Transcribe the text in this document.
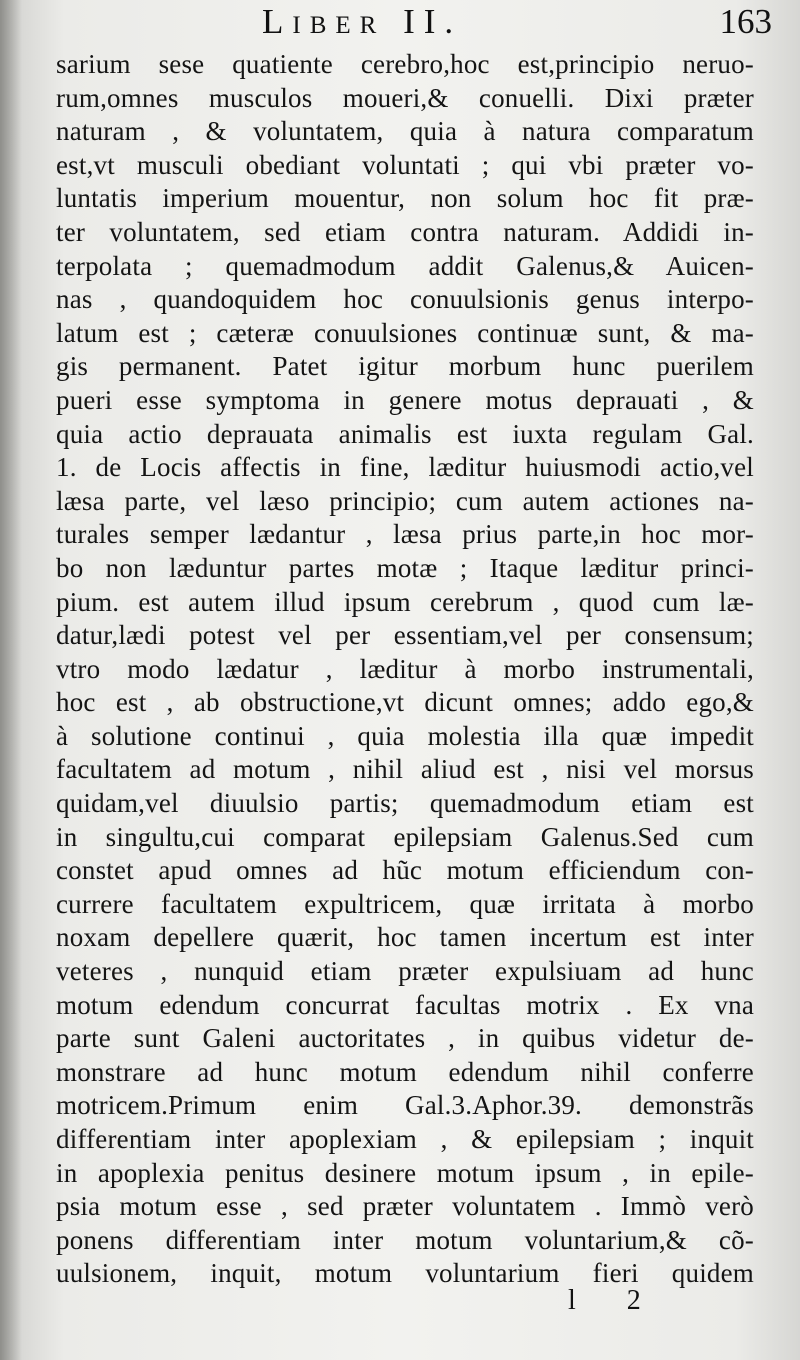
Liber II.	163
sarium sese quatiente cerebro,hoc est,principio neruo-
rum,omnes musculos moueri,& conuelli. Dixi præter
naturam , & voluntatem, quia à natura comparatum
est,vt musculi obediant voluntati ; qui vbi præter vo-
luntatis imperium mouentur, non solum hoc fit præ-
ter voluntatem, sed etiam contra naturam. Addidi in-
terpolata ; quemadmodum addit Galenus,& Auicen-
nas , quandoquidem hoc conuulsionis genus interpo-
latum est ; cæteræ conuulsiones continuæ sunt, & ma-
gis permanent. Patet igitur morbum hunc puerilem
pueri esse symptoma in genere motus deprauati , &
quia actio deprauata animalis est iuxta regulam Gal.
1. de Locis affectis in fine, læditur huiusmodi actio,vel
læsa parte, vel læso principio; cum autem actiones na-
turales semper lædantur , læsa prius parte,in hoc mor-
bo non læduntur partes motæ ; Itaque læditur princi-
pium. est autem illud ipsum cerebrum , quod cum læ-
datur,lædi potest vel per essentiam,vel per consensum;
vtro modo lædatur , læditur à morbo instrumentali,
hoc est , ab obstructione,vt dicunt omnes; addo ego,&
à solutione continui , quia molestia illa quæ impedit
facultatem ad motum , nihil aliud est , nisi vel morsus
quidam,vel diuulsio partis; quemadmodum etiam est
in singultu,cui comparat epilepsiam Galenus.Sed cum
constet apud omnes ad hũc motum efficiendum con-
currere facultatem expultricem, quæ irritata à morbo
noxam depellere quærit, hoc tamen incertum est inter
veteres , nunquid etiam præter expulsiuam ad hunc
motum edendum concurrat facultas motrix . Ex vna
parte sunt Galeni auctoritates , in quibus videtur de-
monstrare ad hunc motum edendum nihil conferre
motricem.Primum enim Gal.3.Aphor.39. demonstrãs
differentiam inter apoplexiam , & epilepsiam ; inquit
in apoplexia penitus desinere motum ipsum , in epile-
psia motum esse , sed præter voluntatem . Immò verò
ponens differentiam inter motum voluntarium,& cõ-
uulsionem, inquit, motum voluntarium fieri quidem
l 2
